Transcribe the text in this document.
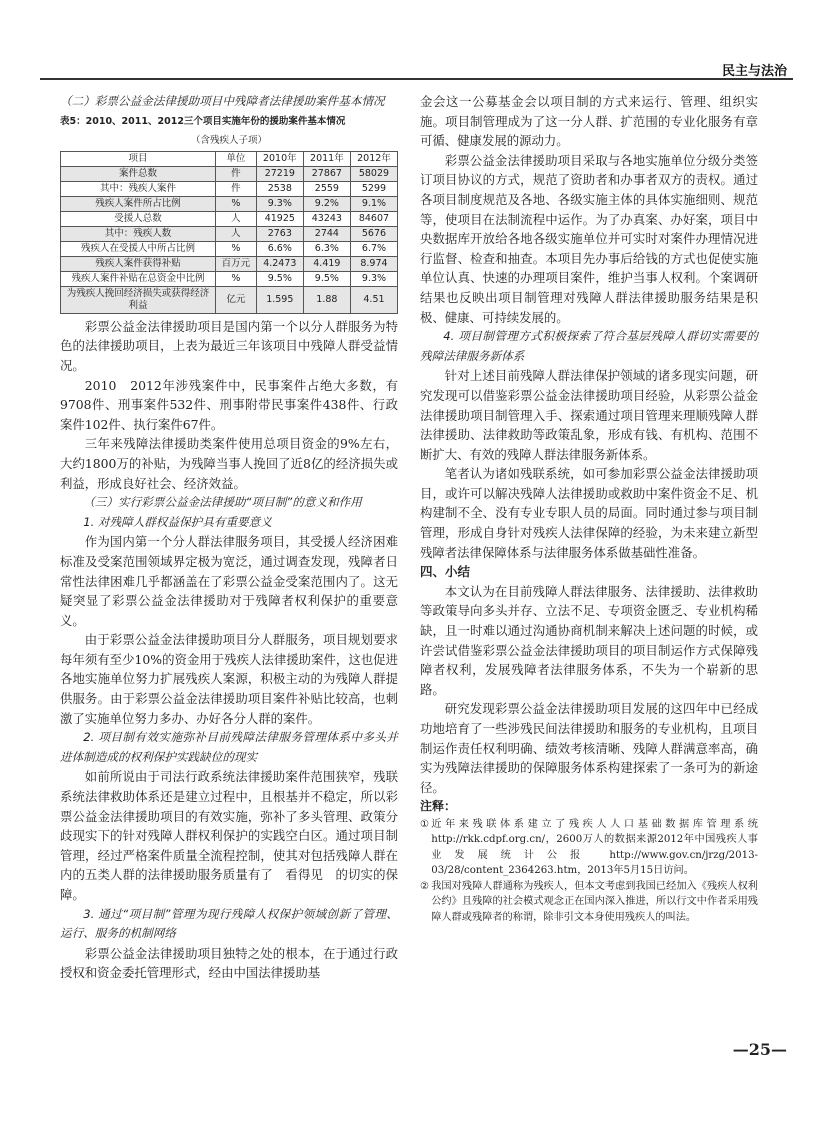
民主与法治

（二）彩票公益金法律援助项目中残障者法律援助案件基本情况

表5：2010、2011、2012三个项目实施年份的援助案件基本情况

（含残疾人子项）

项目	单位	2010年	2011年	2012年
案件总数	件	27219	27867	58029
其中：残疾人案件	件	2538	2559	5299
残疾人案件所占比例	%	9.3%	9.2%	9.1%
受援人总数	人	41925	43243	84607
其中：残疾人数	人	2763	2744	5676
残疾人在受援人中所占比例	%	6.6%	6.3%	6.7%
残疾人案件获得补贴	百万元	4.2473	4.419	8.974
残疾人案件补贴在总资金中比例	%	9.5%	9.5%	9.3%
为残疾人挽回经济损失或获得经济利益	亿元	1.595	1.88	4.51

彩票公益金法律援助项目是国内第一个以分人群服务为特色的法律援助项目，上表为最近三年该项目中残障人群受益情况。

2010　2012年涉残案件中，民事案件占绝大多数，有9708件、刑事案件532件、刑事附带民事案件438件、行政案件102件、执行案件67件。

三年来残障法律援助类案件使用总项目资金的9%左右，大约1800万的补贴，为残障当事人挽回了近8亿的经济损失或利益，形成良好社会、经济效益。

（三）实行彩票公益金法律援助“项目制”的意义和作用

1. 对残障人群权益保护具有重要意义

作为国内第一个分人群法律服务项目，其受援人经济困难标准及受案范围领域界定极为宽泛，通过调查发现，残障者日常性法律困难几乎都涵盖在了彩票公益金受案范围内了。这无疑突显了彩票公益金法律援助对于残障者权利保护的重要意义。

由于彩票公益金法律援助项目分人群服务，项目规划要求每年须有至少10%的资金用于残疾人法律援助案件，这也促进各地实施单位努力扩展残疾人案源，积极主动的为残障人群提供服务。由于彩票公益金法律援助项目案件补贴比较高，也刺激了实施单位努力多办、办好各分人群的案件。

2. 项目制有效实施弥补目前残障法律服务管理体系中多头并进体制造成的权利保护实践缺位的现实

如前所说由于司法行政系统法律援助案件范围狭窄，残联系统法律救助体系还是建立过程中，且根基并不稳定，所以彩票公益金法律援助项目的有效实施，弥补了多头管理、政策分歧现实下的针对残障人群权利保护的实践空白区。通过项目制管理，经过严格案件质量全流程控制，使其对包括残障人群在内的五类人群的法律援助服务质量有了　看得见　的切实的保障。

3. 通过“项目制”管理为现行残障人权保护领域创新了管理、运行、服务的机制网络

彩票公益金法律援助项目独特之处的根本，在于通过行政授权和资金委托管理形式，经由中国法律援助基

金会这一公募基金会以项目制的方式来运行、管理、组织实施。项目制管理成为了这一分人群、扩范围的专业化服务有章可循、健康发展的源动力。

彩票公益金法律援助项目采取与各地实施单位分级分类签订项目协议的方式，规范了资助者和办事者双方的责权。通过各项目制度规范及各地、各级实施主体的具体实施细则、规范等，使项目在法制流程中运作。为了办真案、办好案，项目中央数据库开放给各地各级实施单位并可实时对案件办理情况进行监督、检查和抽查。本项目先办事后给钱的方式也促使实施单位认真、快速的办理项目案件，维护当事人权利。个案调研结果也反映出项目制管理对残障人群法律援助服务结果是积极、健康、可持续发展的。

4. 项目制管理方式积极探索了符合基层残障人群切实需要的残障法律服务新体系

针对上述目前残障人群法律保护领域的诸多现实问题，研究发现可以借鉴彩票公益金法律援助项目经验，从彩票公益金法律援助项目制管理入手、探索通过项目管理来理顺残障人群法律援助、法律救助等政策乱象，形成有钱、有机构、范围不断扩大、有效的残障人群法律服务新体系。

笔者认为诸如残联系统，如可参加彩票公益金法律援助项目，或许可以解决残障人法律援助或救助中案件资金不足、机构建制不全、没有专业专职人员的局面。同时通过参与项目制管理，形成自身针对残疾人法律保障的经验，为未来建立新型残障者法律保障体系与法律服务体系做基础性准备。

四、小结

本文认为在目前残障人群法律服务、法律援助、法律救助等政策导向多头并存、立法不足、专项资金匮乏、专业机构稀缺，且一时难以通过沟通协商机制来解决上述问题的时候，或许尝试借鉴彩票公益金法律援助项目的项目制运作方式保障残障者权利，发展残障者法律服务体系，不失为一个崭新的思路。

研究发现彩票公益金法律援助项目发展的这四年中已经成功地培育了一些涉残民间法律援助和服务的专业机构，且项目制运作责任权利明确、绩效考核清晰、残障人群满意率高，确实为残障法律援助的保障服务体系构建探索了一条可为的新途径。

注释：

① 近年来残联体系建立了残疾人人口基础数据库管理系统 http://rkk.cdpf.org.cn/，2600万人的数据来源2012年中国残疾人事业发展统计公报 http://www.gov.cn/jrzg/2013-03/28/content_2364263.htm，2013年5月15日访问。

② 我国对残障人群通称为残疾人，但本文考虑到我国已经加入《残疾人权利公约》且残障的社会模式观念正在国内深入推进，所以行文中作者采用残障人群或残障者的称谓，除非引文本身使用残疾人的叫法。

—25—
